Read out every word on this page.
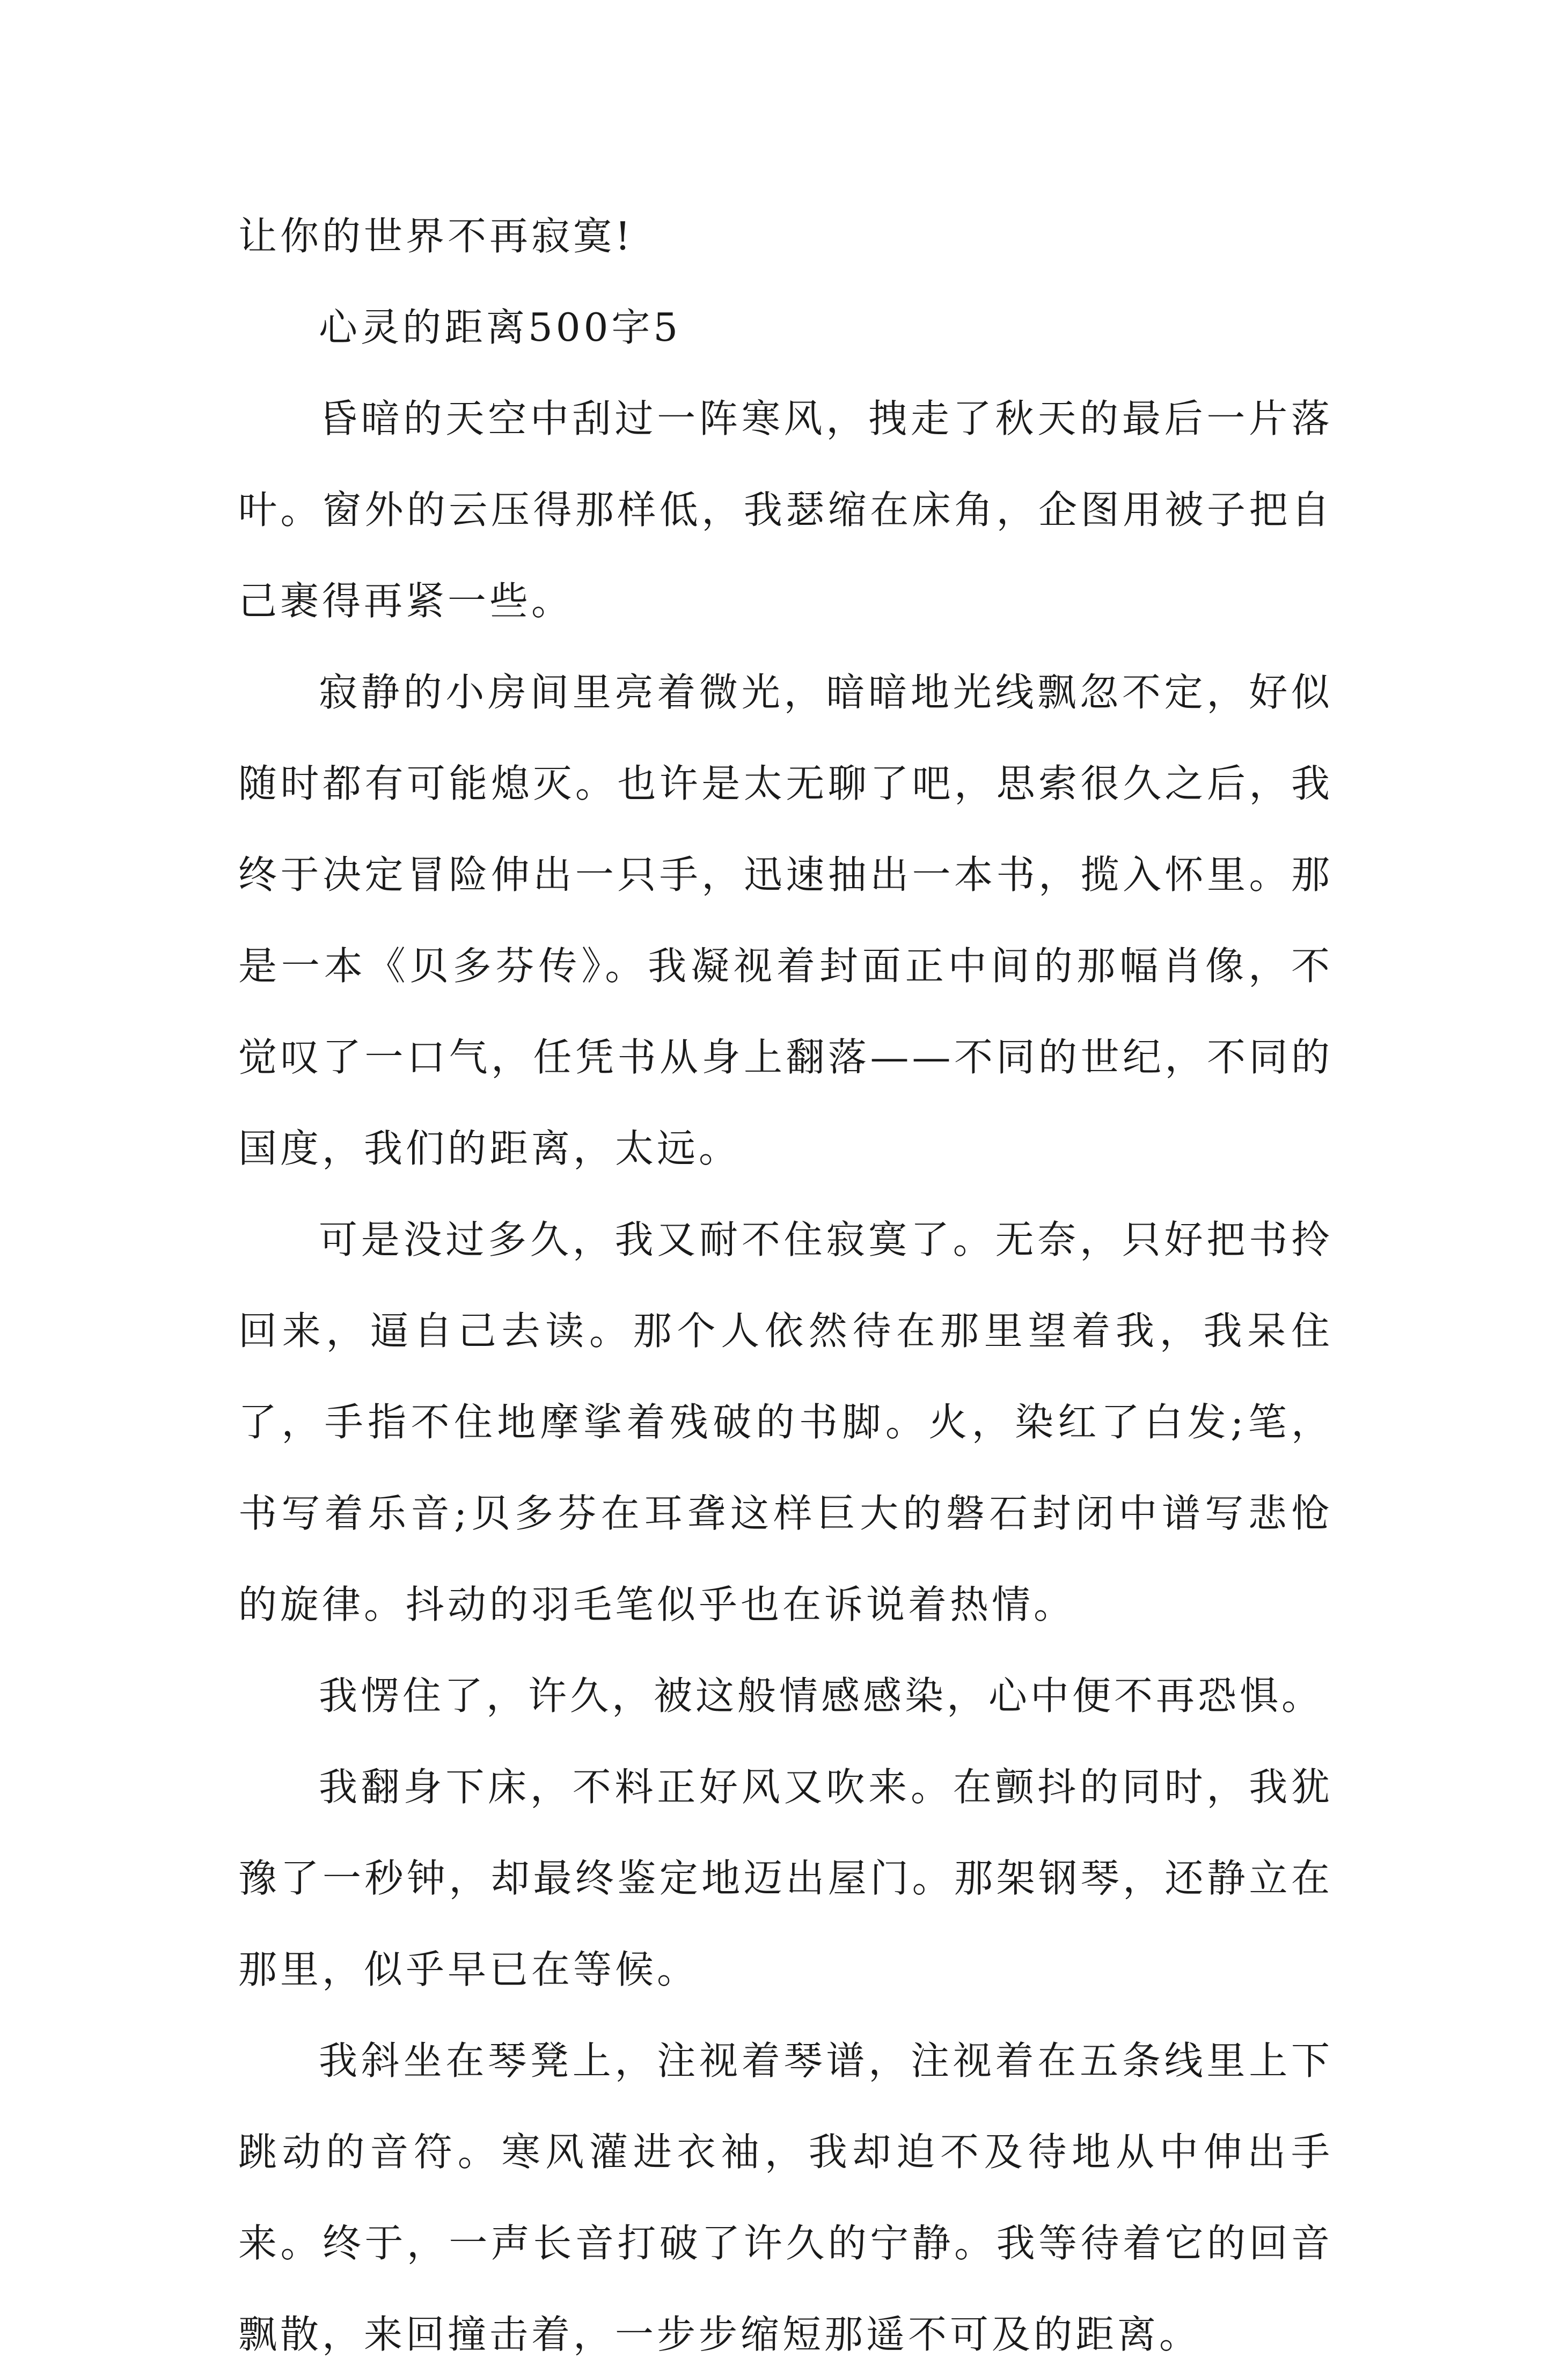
让你的世界不再寂寞!

心灵的距离500字5

昏暗的天空中刮过一阵寒风，拽走了秋天的最后一片落叶。窗外的云压得那样低，我瑟缩在床角，企图用被子把自己裹得再紧一些。

寂静的小房间里亮着微光，暗暗地光线飘忽不定，好似随时都有可能熄灭。也许是太无聊了吧，思索很久之后，我终于决定冒险伸出一只手，迅速抽出一本书，揽入怀里。那是一本《贝多芬传》。我凝视着封面正中间的那幅肖像，不觉叹了一口气，任凭书从身上翻落——不同的世纪，不同的国度，我们的距离，太远。

可是没过多久，我又耐不住寂寞了。无奈，只好把书拎回来，逼自己去读。那个人依然待在那里望着我，我呆住了，手指不住地摩挲着残破的书脚。火，染红了白发;笔，书写着乐音;贝多芬在耳聋这样巨大的磐石封闭中谱写悲怆的旋律。抖动的羽毛笔似乎也在诉说着热情。

我愣住了，许久，被这般情感感染，心中便不再恐惧。

我翻身下床，不料正好风又吹来。在颤抖的同时，我犹豫了一秒钟，却最终鉴定地迈出屋门。那架钢琴，还静立在那里，似乎早已在等候。

我斜坐在琴凳上，注视着琴谱，注视着在五条线里上下跳动的音符。寒风灌进衣袖，我却迫不及待地从中伸出手来。终于，一声长音打破了许久的宁静。我等待着它的回音飘散，来回撞击着，一步步缩短那遥不可及的距离。
